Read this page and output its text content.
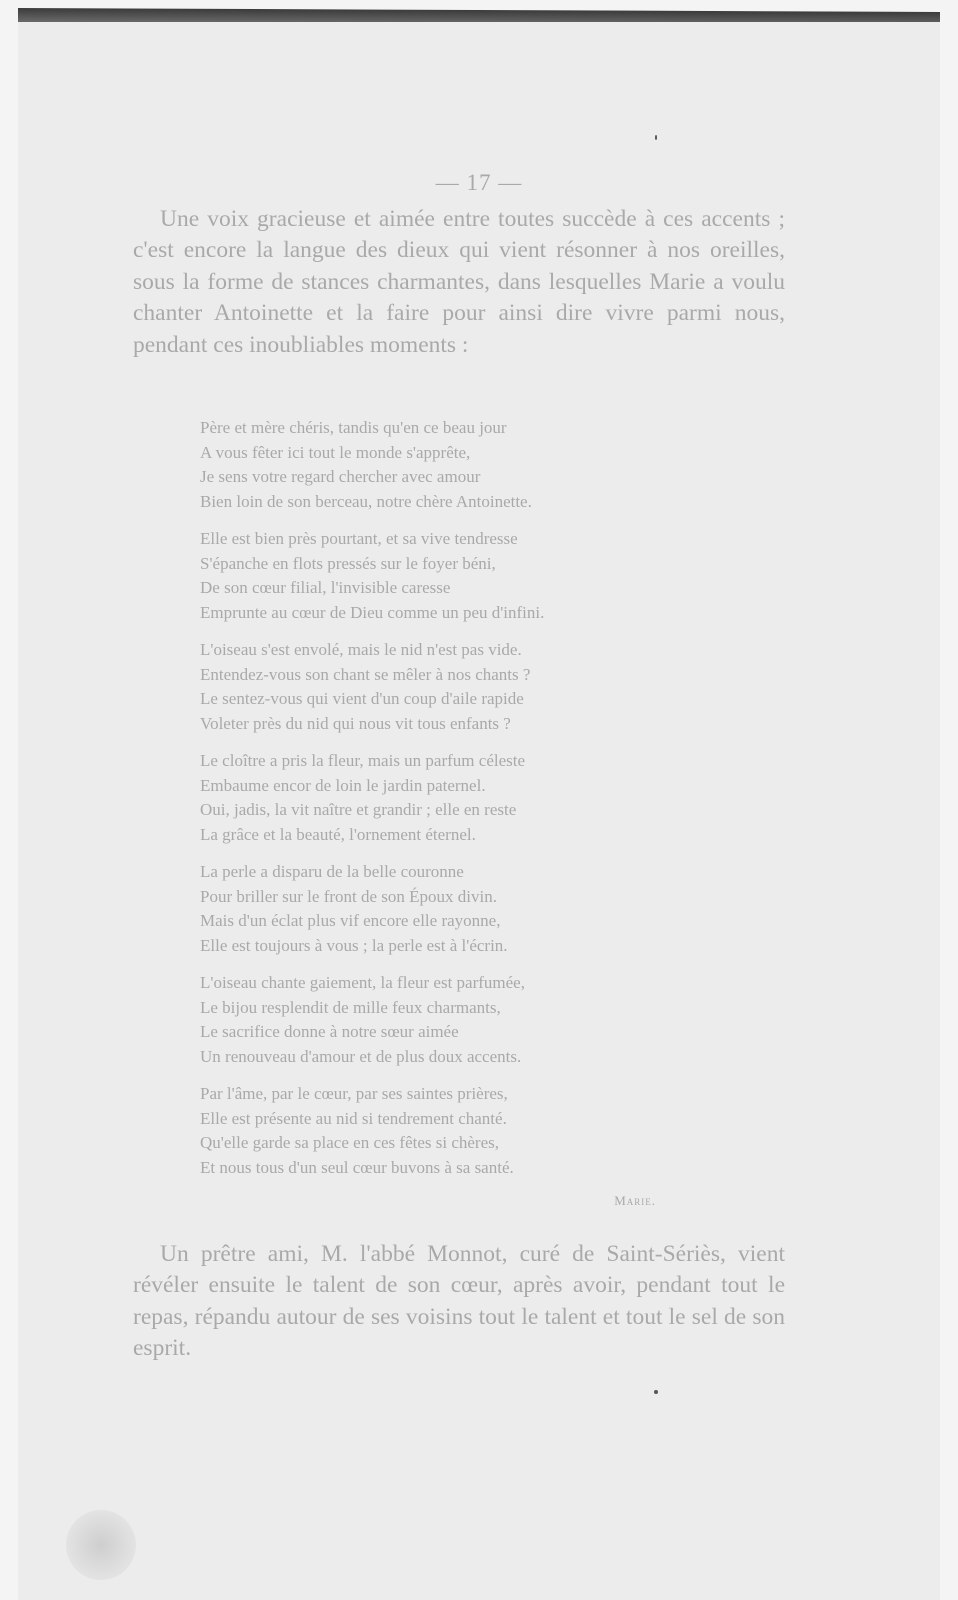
— 17 —

Une voix gracieuse et aimée entre toutes succède à ces accents ; c'est encore la langue des dieux qui vient résonner à nos oreilles, sous la forme de stances charmantes, dans lesquelles Marie a voulu chanter Antoinette et la faire pour ainsi dire vivre parmi nous, pendant ces inoubliables moments :

Père et mère chéris, tandis qu'en ce beau jour
A vous fêter ici tout le monde s'apprête,
Je sens votre regard chercher avec amour
Bien loin de son berceau, notre chère Antoinette.
Elle est bien près pourtant, et sa vive tendresse
S'épanche en flots pressés sur le foyer béni,
De son cœur filial, l'invisible caresse
Emprunte au cœur de Dieu comme un peu d'infini.
L'oiseau s'est envolé, mais le nid n'est pas vide.
Entendez-vous son chant se mêler à nos chants ?
Le sentez-vous qui vient d'un coup d'aile rapide
Voleter près du nid qui nous vit tous enfants ?
Le cloître a pris la fleur, mais un parfum céleste
Embaume encor de loin le jardin paternel.
Oui, jadis, la vit naître et grandir ; elle en reste
La grâce et la beauté, l'ornement éternel.
La perle a disparu de la belle couronne
Pour briller sur le front de son Époux divin.
Mais d'un éclat plus vif encore elle rayonne,
Elle est toujours à vous ; la perle est à l'écrin.
L'oiseau chante gaiement, la fleur est parfumée,
Le bijou resplendit de mille feux charmants,
Le sacrifice donne à notre sœur aimée
Un renouveau d'amour et de plus doux accents.
Par l'âme, par le cœur, par ses saintes prières,
Elle est présente au nid si tendrement chanté.
Qu'elle garde sa place en ces fêtes si chères,
Et nous tous d'un seul cœur buvons à sa santé.
Marie.

Un prêtre ami, M. l'abbé Monnot, curé de Saint-Sériès, vient révéler ensuite le talent de son cœur, après avoir, pendant tout le repas, répandu autour de ses voisins tout le talent et tout le sel de son esprit.
